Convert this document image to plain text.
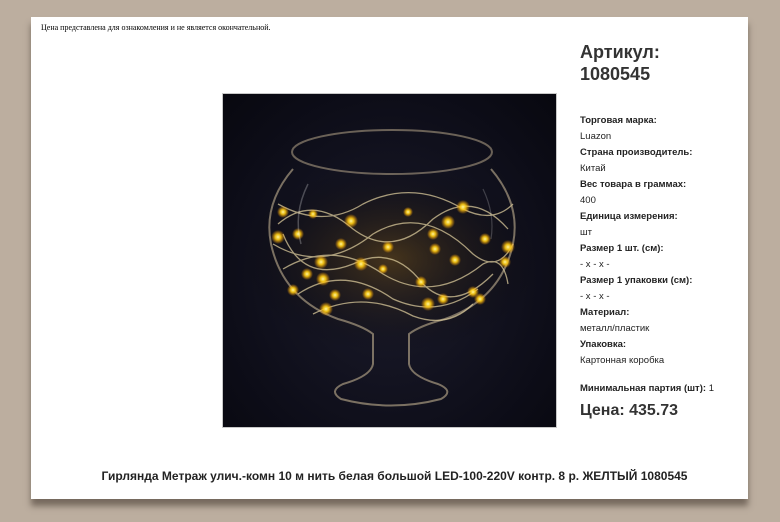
Цена представлена для ознакомления и не является окончательной.
Артикул:
1080545
Торговая марка:
Luazon
Страна производитель:
Китай
Вес товара в граммах:
400
Единица измерения:
шт
Размер 1 шт. (см):
- x - x -
Размер 1 упаковки (см):
- x - x -
Материал:
металл/пластик
Упаковка:
Картонная коробка
Минимальная партия (шт): 1
Цена: 435.73
Гирлянда Метраж улич.-комн 10 м нить белая большой LED-100-220V контр. 8 р. ЖЕЛТЫЙ 1080545
